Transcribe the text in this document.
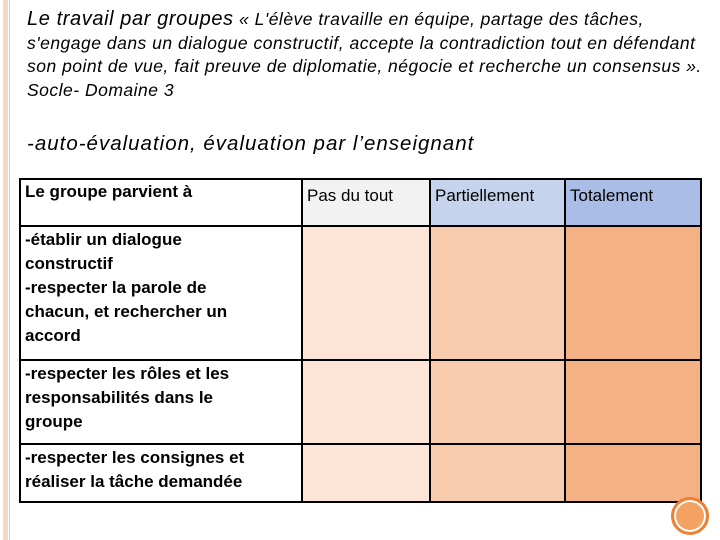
Le travail par groupes « L'élève travaille en équipe, partage des tâches, s'engage dans un dialogue constructif, accepte la contradiction tout en défendant son point de vue, fait preuve de diplomatie, négocie et recherche un consensus ». Socle- Domaine 3
-auto-évaluation, évaluation par l’enseignant
Le groupe parvient à	Pas du tout	Partiellement	Totalement

-établir un dialogue
constructif
-respecter la parole de
chacun, et rechercher un
accord			

-respecter les rôles et les
responsabilités dans le
groupe			

-respecter les consignes et
réaliser la tâche demandée			
